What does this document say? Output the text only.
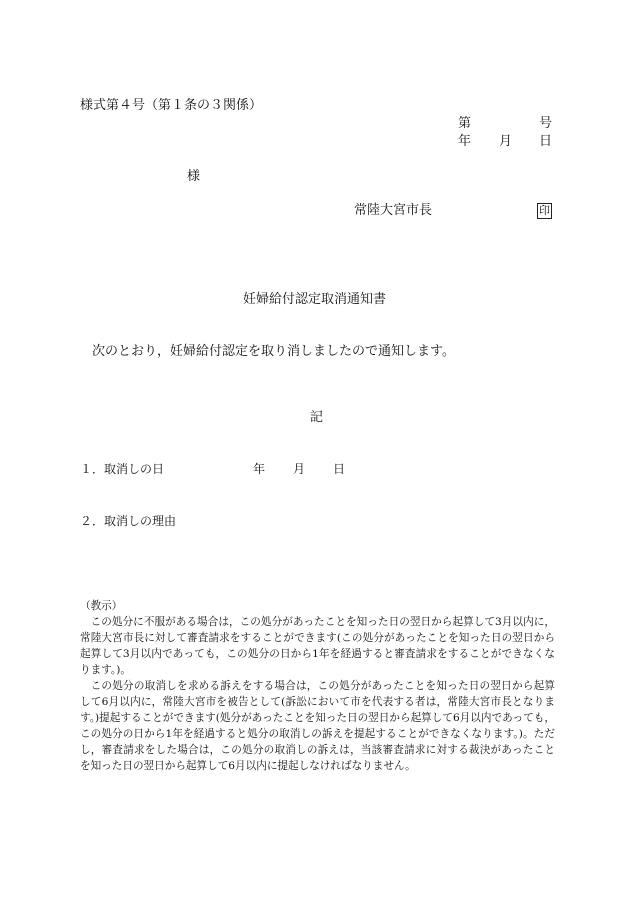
様式第４号（第１条の３関係）
第	号
年 月 日
様
常陸大宮市長	印
妊婦給付認定取消通知書
次のとおり，妊婦給付認定を取り消しましたので通知します。
記
１．取消しの日	年 月 日
２．取消しの理由

（教示）

この処分に不服がある場合は，この処分があったことを知った日の翌日から起算して3月以内に，常陸大宮市長に対して審査請求をすることができます(この処分があったことを知った日の翌日から起算して3月以内であっても，この処分の日から1年を経過すると審査請求をすることができなくなります。)。

この処分の取消しを求める訴えをする場合は，この処分があったことを知った日の翌日から起算して6月以内に，常陸大宮市を被告として(訴訟において市を代表する者は，常陸大宮市長となります。)提起することができます(処分があったことを知った日の翌日から起算して6月以内であっても，この処分の日から1年を経過すると処分の取消しの訴えを提起することができなくなります。)。ただし，審査請求をした場合は，この処分の取消しの訴えは，当該審査請求に対する裁決があったことを知った日の翌日から起算して6月以内に提起しなければなりません。
